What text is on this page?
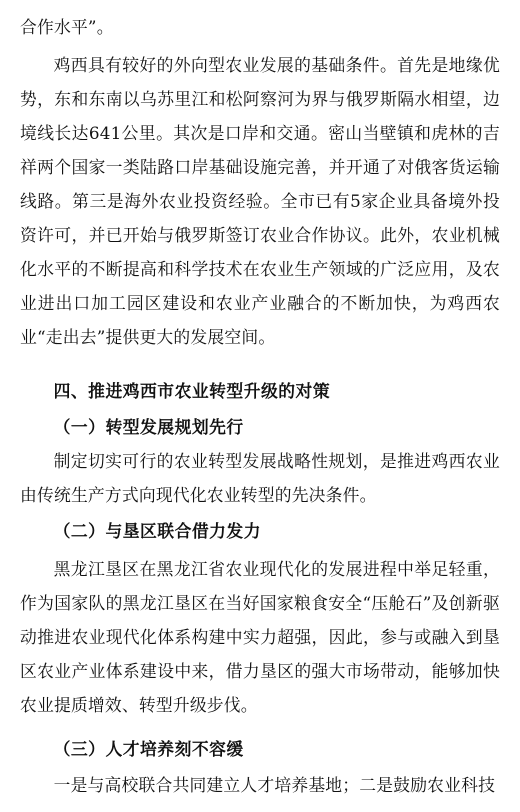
合作水平”。

鸡西具有较好的外向型农业发展的基础条件。首先是地缘优势，东和东南以乌苏里江和松阿察河为界与俄罗斯隔水相望，边境线长达641公里。其次是口岸和交通。密山当壁镇和虎林的吉祥两个国家一类陆路口岸基础设施完善，并开通了对俄客货运输线路。第三是海外农业投资经验。全市已有5家企业具备境外投资许可，并已开始与俄罗斯签订农业合作协议。此外，农业机械化水平的不断提高和科学技术在农业生产领域的广泛应用，及农业进出口加工园区建设和农业产业融合的不断加快，为鸡西农业“走出去”提供更大的发展空间。

四、推进鸡西市农业转型升级的对策
（一）转型发展规划先行

制定切实可行的农业转型发展战略性规划，是推进鸡西农业由传统生产方式向现代化农业转型的先决条件。

（二）与垦区联合借力发力

黑龙江垦区在黑龙江省农业现代化的发展进程中举足轻重，作为国家队的黑龙江垦区在当好国家粮食安全“压舱石”及创新驱动推进农业现代化体系构建中实力超强，因此，参与或融入到垦区农业产业体系建设中来，借力垦区的强大市场带动，能够加快农业提质增效、转型升级步伐。

（三）人才培养刻不容缓

一是与高校联合共同建立人才培养基地；二是鼓励农业科技
